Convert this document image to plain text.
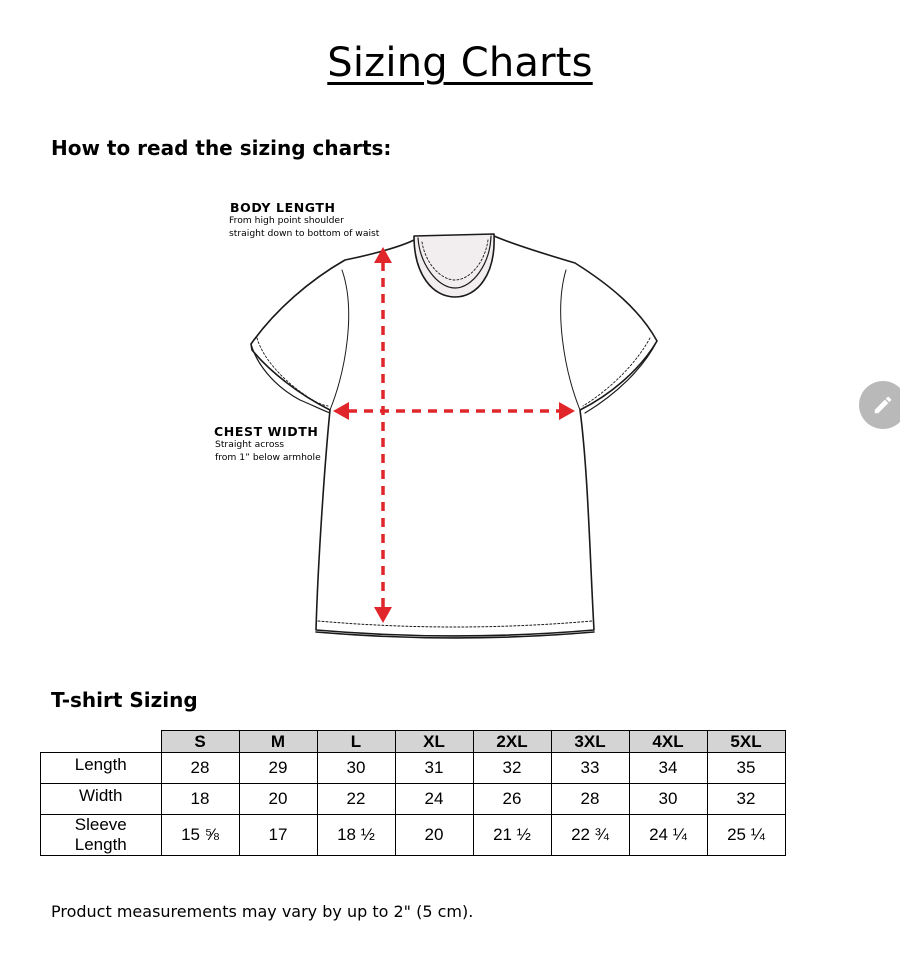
Sizing Charts
How to read the sizing charts:
BODY LENGTH
From high point shoulder
straight down to bottom of waist
CHEST WIDTH
Straight across
from 1” below armhole
T-shirt Sizing
	S	M	L	XL	2XL	3XL	4XL	5XL

Length	28	29	30	31	32	33	34	35

Width	18	20	22	24	26	28	30	32

Sleeve
Length	15 ⅝	17	18 ½	20	21 ½	22 ¾	24 ¼	25 ¼
Product measurements may vary by up to 2" (5 cm).
